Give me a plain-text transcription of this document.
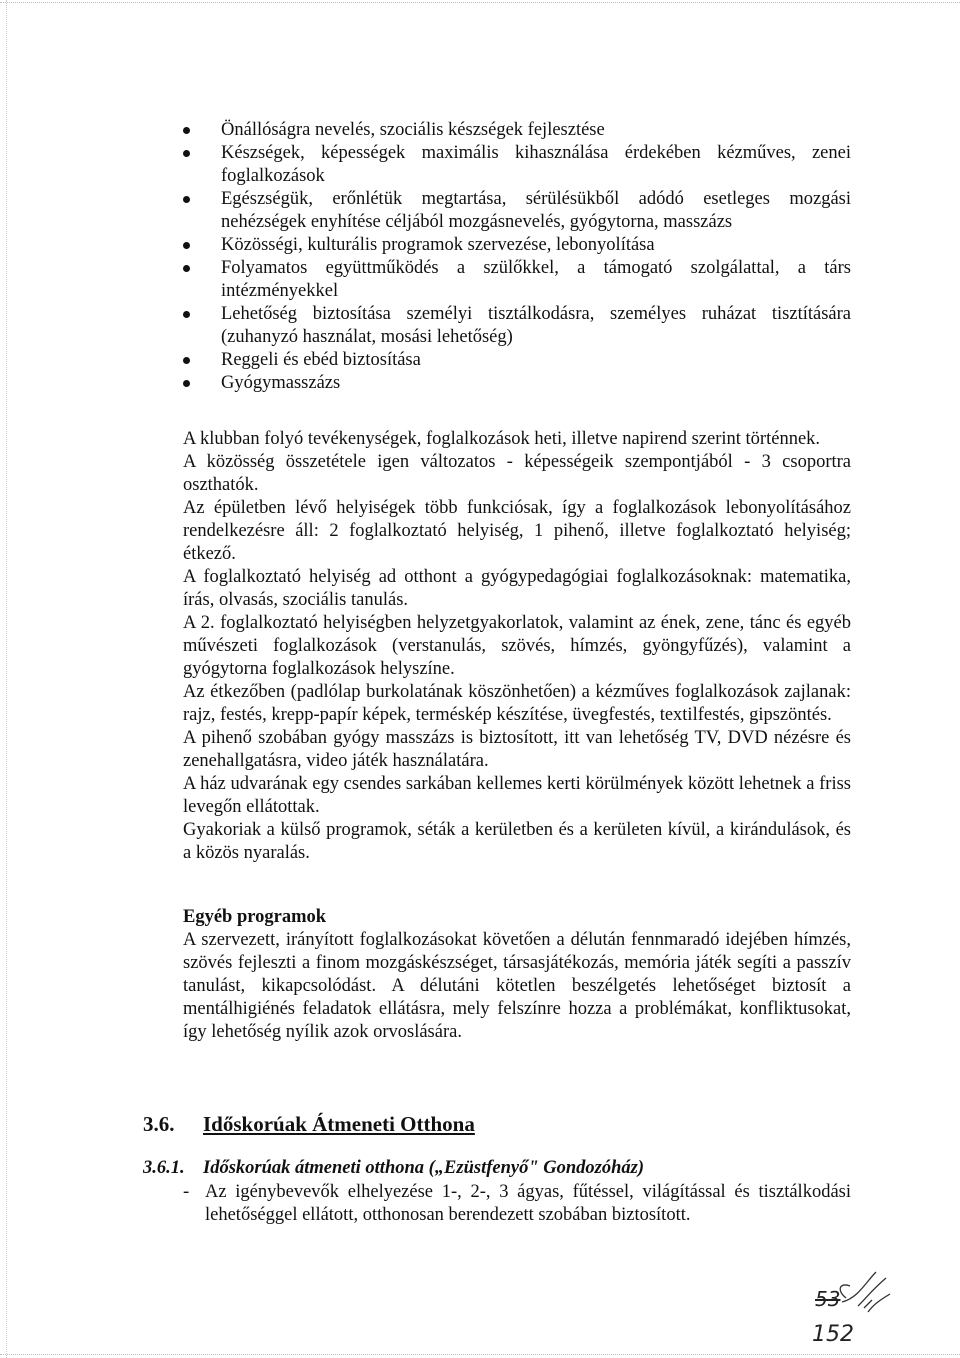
Önállóságra nevelés, szociális készségek fejlesztése
Készségek, képességek maximális kihasználása érdekében kézműves, zenei foglalkozások
Egészségük, erőnlétük megtartása, sérülésükből adódó esetleges mozgási nehézségek enyhítése céljából mozgásnevelés, gyógytorna, masszázs
Közösségi, kulturális programok szervezése, lebonyolítása
Folyamatos együttműködés a szülőkkel, a támogató szolgálattal, a társ intézményekkel
Lehetőség biztosítása személyi tisztálkodásra, személyes ruházat tisztítására (zuhanyzó használat, mosási lehetőség)
Reggeli és ebéd biztosítása
Gyógymasszázs

A klubban folyó tevékenységek, foglalkozások heti, illetve napirend szerint történnek.

A közösség összetétele igen változatos - képességeik szempontjából - 3 csoportra oszthatók.

Az épületben lévő helyiségek több funkciósak, így a foglalkozások lebonyolításához rendelkezésre áll: 2 foglalkoztató helyiség, 1 pihenő, illetve foglalkoztató helyiség; étkező.

A foglalkoztató helyiség ad otthont a gyógypedagógiai foglalkozásoknak: matematika, írás, olvasás, szociális tanulás.

A 2. foglalkoztató helyiségben helyzetgyakorlatok, valamint az ének, zene, tánc és egyéb művészeti foglalkozások (verstanulás, szövés, hímzés, gyöngyfűzés), valamint a gyógytorna foglalkozások helyszíne.

Az étkezőben (padlólap burkolatának köszönhetően) a kézműves foglalkozások zajlanak: rajz, festés, krepp-papír képek, terméskép készítése, üvegfestés, textilfestés, gipszöntés.

A pihenő szobában gyógy masszázs is biztosított, itt van lehetőség TV, DVD nézésre és zenehallgatásra, video játék használatára.

A ház udvarának egy csendes sarkában kellemes kerti körülmények között lehetnek a friss levegőn ellátottak.

Gyakoriak a külső programok, séták a kerületben és a kerületen kívül, a kirándulások, és a közös nyaralás.

Egyéb programok

A szervezett, irányított foglalkozásokat követően a délután fennmaradó idejében hímzés, szövés fejleszti a finom mozgáskészséget, társasjátékozás, memória játék segíti a passzív tanulást, kikapcsolódást. A délutáni kötetlen beszélgetés lehetőséget biztosít a mentálhigiénés feladatok ellátásra, mely felszínre hozza a problémákat, konfliktusokat, így lehetőség nyílik azok orvoslására.

3.6. Időskorúak Átmeneti Otthona
3.6.1. Időskorúak átmeneti otthona („Ezüstfenyő" Gondozóház)
- Az igénybevevők elhelyezése 1-, 2-, 3 ágyas, fűtéssel, világítással és tisztálkodási lehetőséggel ellátott, otthonosan berendezett szobában biztosított.
53
152
